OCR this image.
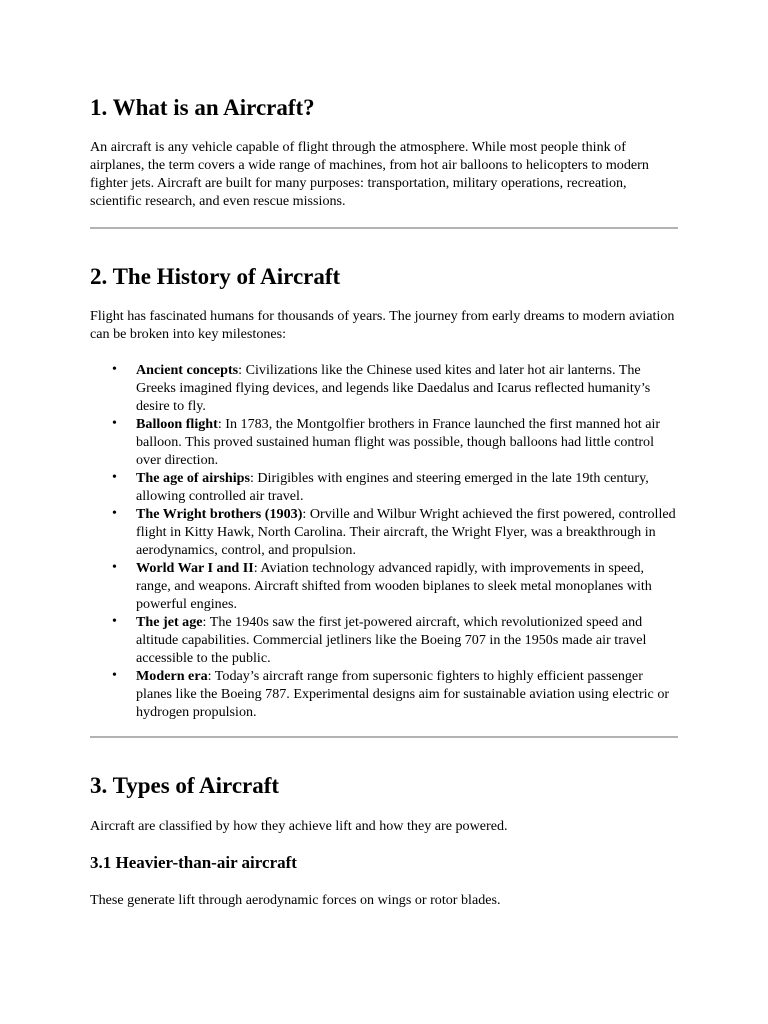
1. What is an Aircraft?

An aircraft is any vehicle capable of flight through the atmosphere. While most people think of airplanes, the term covers a wide range of machines, from hot air balloons to helicopters to modern fighter jets. Aircraft are built for many purposes: transportation, military operations, recreation, scientific research, and even rescue missions.

2. The History of Aircraft

Flight has fascinated humans for thousands of years. The journey from early dreams to modern aviation can be broken into key milestones:

• Ancient concepts: Civilizations like the Chinese used kites and later hot air lanterns. The Greeks imagined flying devices, and legends like Daedalus and Icarus reflected humanity’s desire to fly.
• Balloon flight: In 1783, the Montgolfier brothers in France launched the first manned hot air balloon. This proved sustained human flight was possible, though balloons had little control over direction.
• The age of airships: Dirigibles with engines and steering emerged in the late 19th century, allowing controlled air travel.
• The Wright brothers (1903): Orville and Wilbur Wright achieved the first powered, controlled flight in Kitty Hawk, North Carolina. Their aircraft, the Wright Flyer, was a breakthrough in aerodynamics, control, and propulsion.
• World War I and II: Aviation technology advanced rapidly, with improvements in speed, range, and weapons. Aircraft shifted from wooden biplanes to sleek metal monoplanes with powerful engines.
• The jet age: The 1940s saw the first jet-powered aircraft, which revolutionized speed and altitude capabilities. Commercial jetliners like the Boeing 707 in the 1950s made air travel accessible to the public.
• Modern era: Today’s aircraft range from supersonic fighters to highly efficient passenger planes like the Boeing 787. Experimental designs aim for sustainable aviation using electric or hydrogen propulsion.
3. Types of Aircraft

Aircraft are classified by how they achieve lift and how they are powered.

3.1 Heavier-than-air aircraft

These generate lift through aerodynamic forces on wings or rotor blades.
